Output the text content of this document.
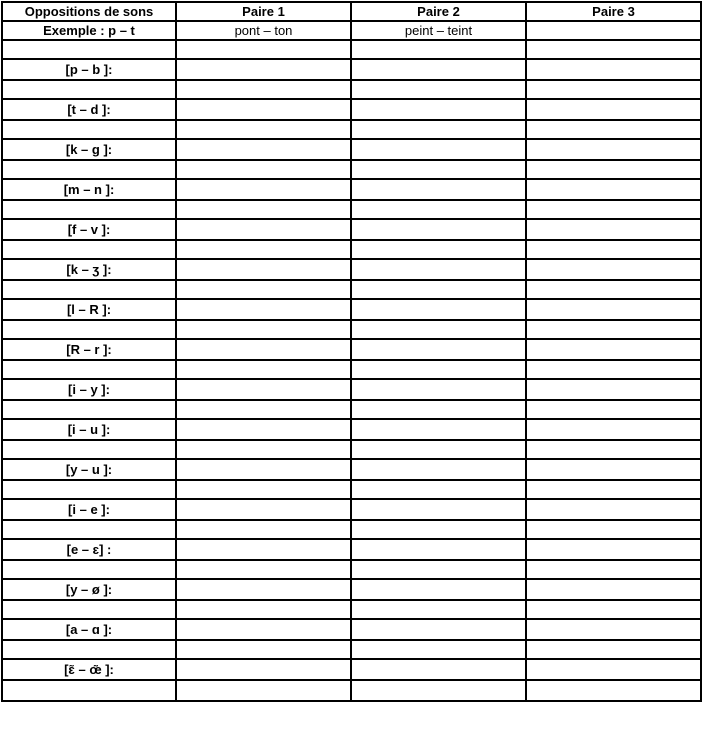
Oppositions de sons	Paire 1	Paire 2	Paire 3
Exemple : p – t	pont – ton	peint – teint	

[p – b ]:			

[t – d ]:			

[k – g ]:			

[m – n ]:			

[f – v ]:			

[k – ʒ ]:			

[l – R ]:			

[R – r ]:			

[i – y ]:			

[i – u ]:			

[y – u ]:			

[i – e ]:			

[e – ɛ] :			

[y – ø ]:			

[a – ɑ ]:			

[ɛ̃ – œ̃ ]:			
